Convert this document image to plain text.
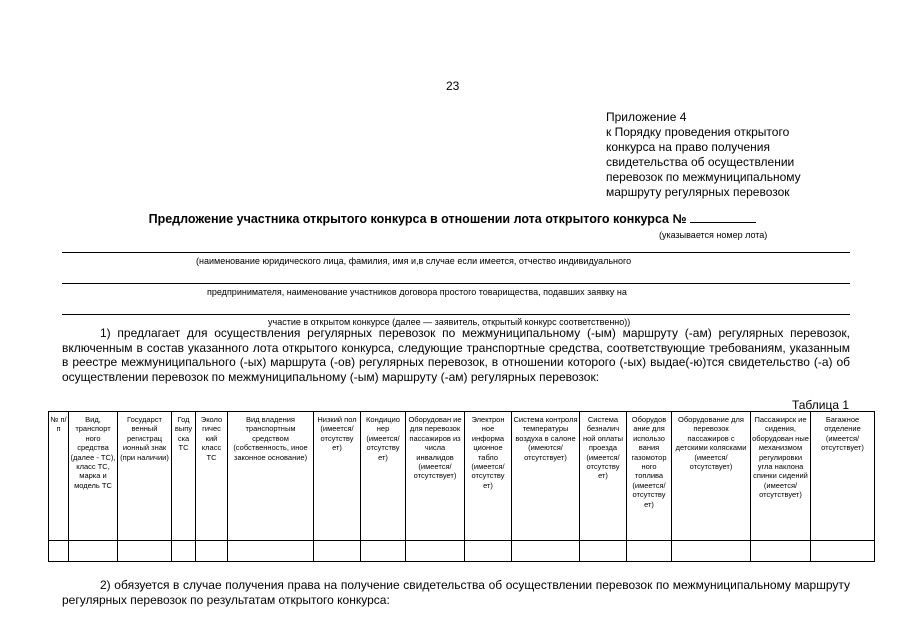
23
Приложение 4
к Порядку проведения открытого
конкурса на право получения
свидетельства об осуществлении
перевозок по межмуниципальному
маршруту регулярных перевозок
Предложение участника открытого конкурса в отношении лота открытого конкурса №
(указывается номер лота)
(наименование юридического лица, фамилия, имя и,в случае если имеется, отчество индивидуального
предпринимателя, наименование участников договора простого товарищества, подавших заявку на
участие в открытом конкурсе (далее — заявитель, открытый конкурс соответственно))
1) предлагает для осуществления регулярных перевозок по межмуниципальному (-ым) маршруту (-ам) регулярных перевозок, включенным в состав указанного лота открытого конкурса, следующие транспортные средства, соответствующие требованиям, указанным в реестре межмуниципального (-ых) маршрута (-ов) регулярных перевозок, в отношении которого (-ых) выдае(-ю)тся свидетельство (-а) об осуществлении перевозок по межмуниципальному (-ым) маршруту (-ам) регулярных перевозок:
Таблица 1
№ п/п	Вид, транспорт ного средства (далее - ТС), класс ТС, марка и модель ТС	Государст венный регистрац ионный знак (при наличии)	Год выпу ска ТС	Эколо гичес кий класс ТС	Вид владения транспортным средством (собственность, иное законное основание)	Низкий пол (имеется/ отсутству ет)	Кондицио нер (имеется/ отсутству ет)	Оборудован ие для перевозок пассажиров из числа инвалидов (имеется/ отсутствует)	Электрон ное информа ционное табло (имеется/ отсутству ет)	Система контроля температуры воздуха в салоне (имеются/ отсутствует)	Система безналич ной оплаты проезда (имеется/ отсутству ет)	Оборудов ание для использо вания газомотор ного топлива (имеется/ отсутству ет)	Оборудование для перевозок пассажиров с детскими колясками (имеется/ отсутствует)	Пассажирск ие сидения, оборудован ные механизмом регулировки угла наклона спинки сидений (имеется/ отсутствует)	Багажное отделение (имеется/ отсутствует)

2) обязуется в случае получения права на получение свидетельства об осуществлении перевозок по межмуниципальному маршруту регулярных перевозок по результатам открытого конкурса:
